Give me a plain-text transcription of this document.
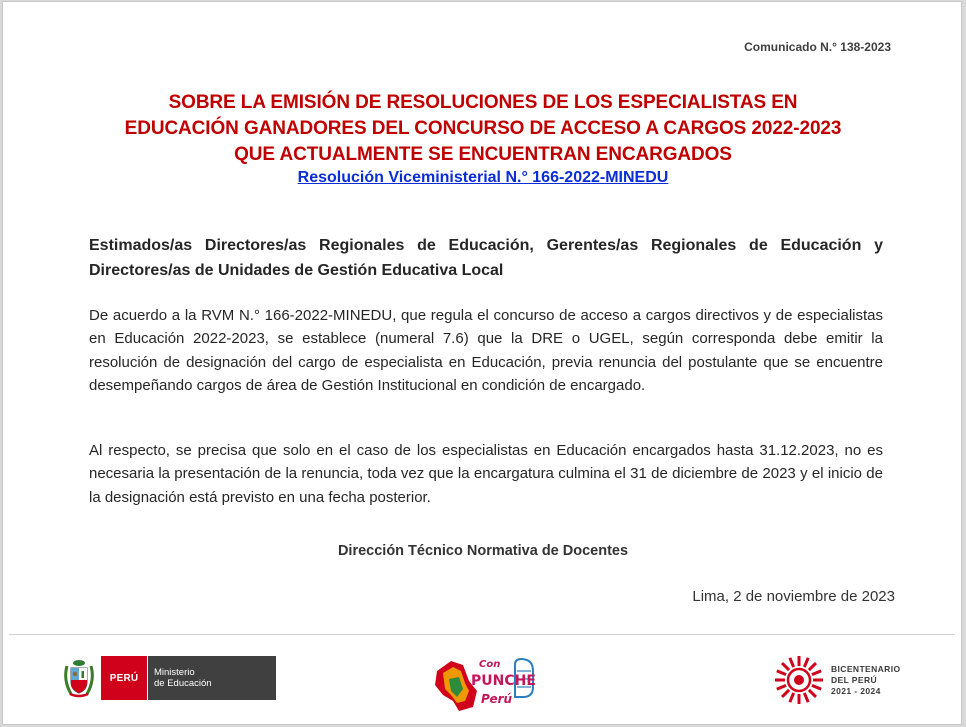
Comunicado N.° 138-2023
SOBRE LA EMISIÓN DE RESOLUCIONES DE LOS ESPECIALISTAS EN
EDUCACIÓN GANADORES DEL CONCURSO DE ACCESO A CARGOS 2022-2023
QUE ACTUALMENTE SE ENCUENTRAN ENCARGADOS
Resolución Viceministerial N.° 166-2022-MINEDU
Estimados/as Directores/as Regionales de Educación, Gerentes/as Regionales de Educación y Directores/as de Unidades de Gestión Educativa Local
De acuerdo a la RVM N.° 166-2022-MINEDU, que regula el concurso de acceso a cargos directivos y de especialistas en Educación 2022-2023, se establece (numeral 7.6) que la DRE o UGEL, según corresponda debe emitir la resolución de designación del cargo de especialista en Educación, previa renuncia del postulante que se encuentre desempeñando cargos de área de Gestión Institucional en condición de encargado.
Al respecto, se precisa que solo en el caso de los especialistas en Educación encargados hasta 31.12.2023, no es necesaria la presentación de la renuncia, toda vez que la encargatura culmina el 31 de diciembre de 2023 y el inicio de la designación está previsto en una fecha posterior.
Dirección Técnico Normativa de Docentes
Lima, 2 de noviembre de 2023
PERÚ	Ministerio
de Educación
Con
PUNCHE
Perú
BICENTENARIO
DEL PERÚ
2021 - 2024
